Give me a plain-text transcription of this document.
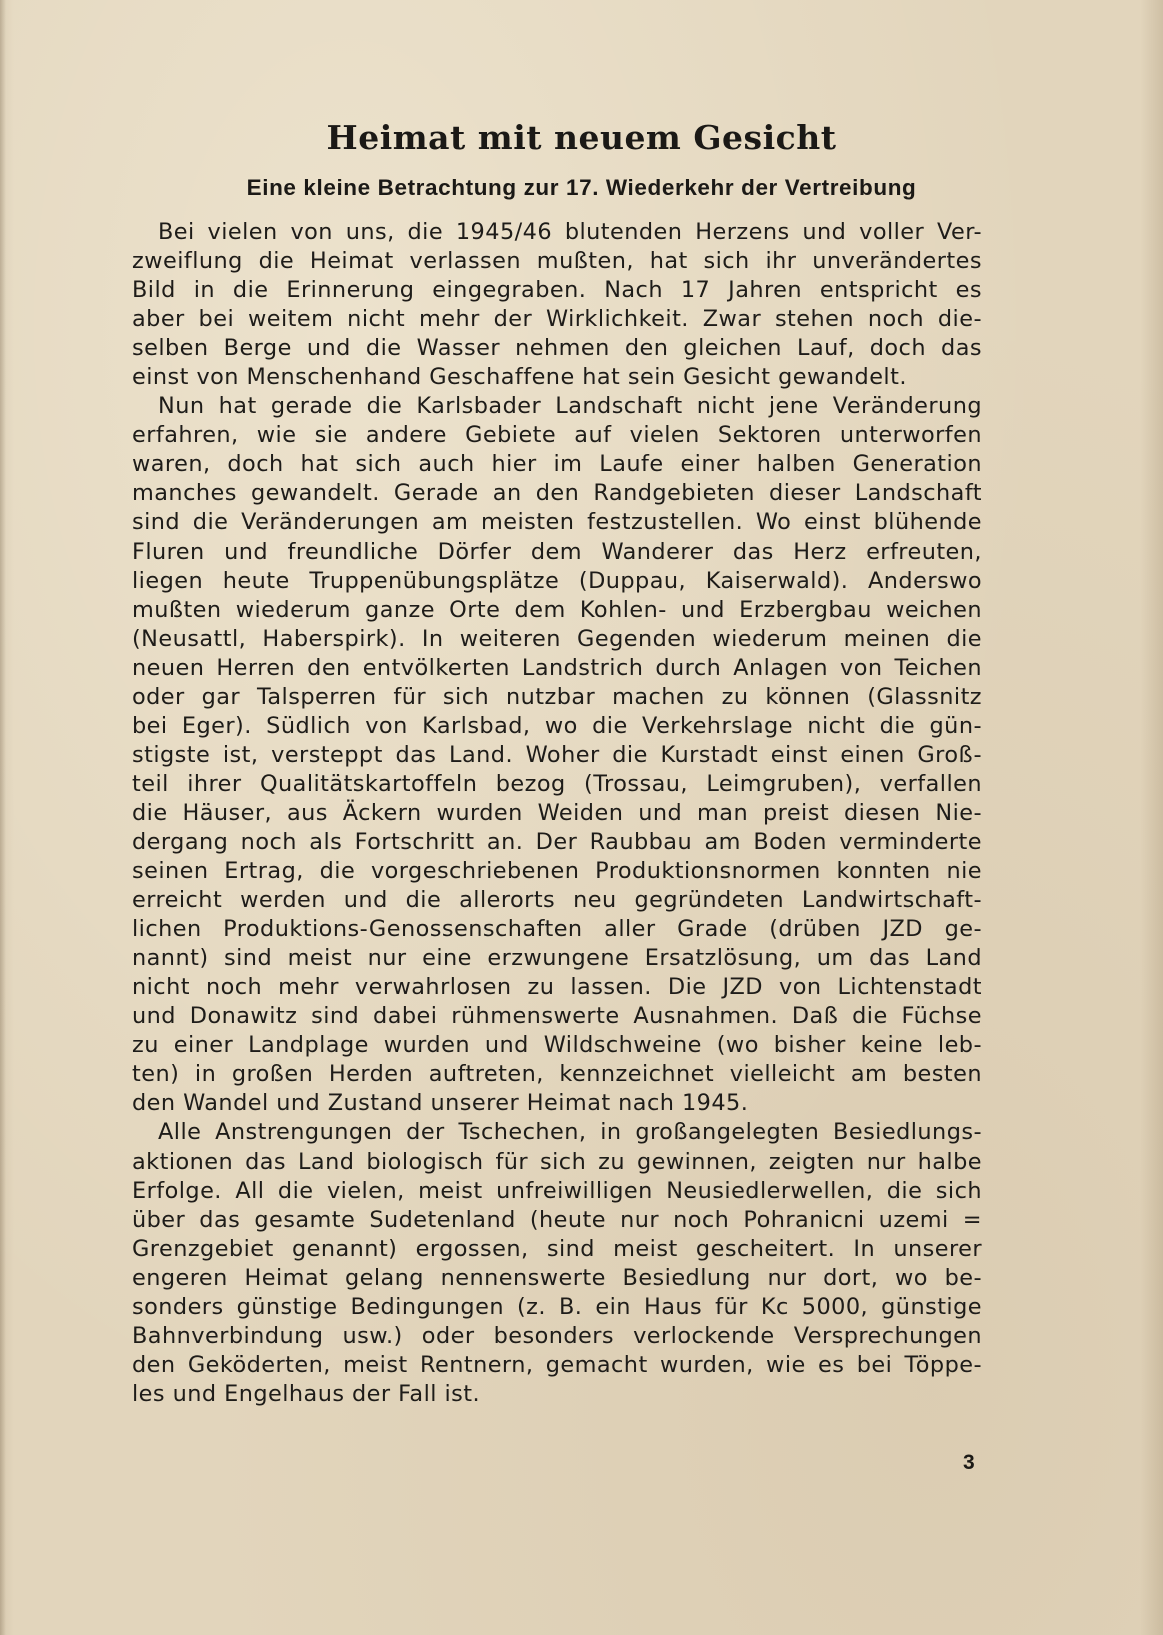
Heimat mit neuem Gesicht
Eine kleine Betrachtung zur 17. Wiederkehr der Vertreibung
Bei vielen von uns, die 1945/46 blutenden Herzens und voller Ver-
zweiflung die Heimat verlassen mußten, hat sich ihr unverändertes
Bild in die Erinnerung eingegraben. Nach 17 Jahren entspricht es
aber bei weitem nicht mehr der Wirklichkeit. Zwar stehen noch die-
selben Berge und die Wasser nehmen den gleichen Lauf, doch das
einst von Menschenhand Geschaffene hat sein Gesicht gewandelt.
Nun hat gerade die Karlsbader Landschaft nicht jene Veränderung
erfahren, wie sie andere Gebiete auf vielen Sektoren unterworfen
waren, doch hat sich auch hier im Laufe einer halben Generation
manches gewandelt. Gerade an den Randgebieten dieser Landschaft
sind die Veränderungen am meisten festzustellen. Wo einst blühende
Fluren und freundliche Dörfer dem Wanderer das Herz erfreuten,
liegen heute Truppenübungsplätze (Duppau, Kaiserwald). Anderswo
mußten wiederum ganze Orte dem Kohlen- und Erzbergbau weichen
(Neusattl, Haberspirk). In weiteren Gegenden wiederum meinen die
neuen Herren den entvölkerten Landstrich durch Anlagen von Teichen
oder gar Talsperren für sich nutzbar machen zu können (Glassnitz
bei Eger). Südlich von Karlsbad, wo die Verkehrslage nicht die gün-
stigste ist, versteppt das Land. Woher die Kurstadt einst einen Groß-
teil ihrer Qualitätskartoffeln bezog (Trossau, Leimgruben), verfallen
die Häuser, aus Äckern wurden Weiden und man preist diesen Nie-
dergang noch als Fortschritt an. Der Raubbau am Boden verminderte
seinen Ertrag, die vorgeschriebenen Produktionsnormen konnten nie
erreicht werden und die allerorts neu gegründeten Landwirtschaft-
lichen Produktions-Genossenschaften aller Grade (drüben JZD ge-
nannt) sind meist nur eine erzwungene Ersatzlösung, um das Land
nicht noch mehr verwahrlosen zu lassen. Die JZD von Lichtenstadt
und Donawitz sind dabei rühmenswerte Ausnahmen. Daß die Füchse
zu einer Landplage wurden und Wildschweine (wo bisher keine leb-
ten) in großen Herden auftreten, kennzeichnet vielleicht am besten
den Wandel und Zustand unserer Heimat nach 1945.
Alle Anstrengungen der Tschechen, in großangelegten Besiedlungs-
aktionen das Land biologisch für sich zu gewinnen, zeigten nur halbe
Erfolge. All die vielen, meist unfreiwilligen Neusiedlerwellen, die sich
über das gesamte Sudetenland (heute nur noch Pohranicni uzemi =
Grenzgebiet genannt) ergossen, sind meist gescheitert. In unserer
engeren Heimat gelang nennenswerte Besiedlung nur dort, wo be-
sonders günstige Bedingungen (z. B. ein Haus für Kc 5000, günstige
Bahnverbindung usw.) oder besonders verlockende Versprechungen
den Geköderten, meist Rentnern, gemacht wurden, wie es bei Töppe-
les und Engelhaus der Fall ist.
3
